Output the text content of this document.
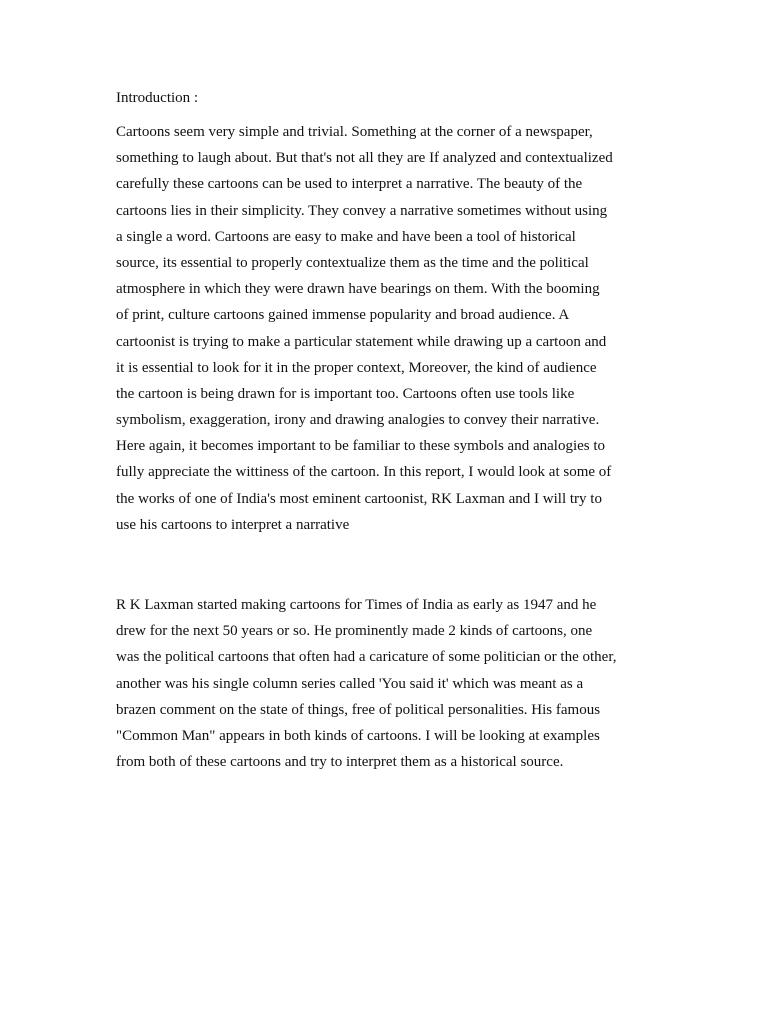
Introduction :
Cartoons seem very simple and trivial. Something at the corner of a newspaper,
something to laugh about. But that's not all they are If analyzed and contextualized
carefully these cartoons can be used to interpret a narrative. The beauty of the
cartoons lies in their simplicity. They convey a narrative sometimes without using
a single a word. Cartoons are easy to make and have been a tool of historical
source, its essential to properly contextualize them as the time and the political
atmosphere in which they were drawn have bearings on them. With the booming
of print, culture cartoons gained immense popularity and broad audience. A
cartoonist is trying to make a particular statement while drawing up a cartoon and
it is essential to look for it in the proper context, Moreover, the kind of audience
the cartoon is being drawn for is important too. Cartoons often use tools like
symbolism, exaggeration, irony and drawing analogies to convey their narrative.
Here again, it becomes important to be familiar to these symbols and analogies to
fully appreciate the wittiness of the cartoon. In this report, I would look at some of
the works of one of India's most eminent cartoonist, RK Laxman and I will try to
use his cartoons to interpret a narrative
R K Laxman started making cartoons for Times of India as early as 1947 and he
drew for the next 50 years or so. He prominently made 2 kinds of cartoons, one
was the political cartoons that often had a caricature of some politician or the other,
another was his single column series called 'You said it' which was meant as a
brazen comment on the state of things, free of political personalities. His famous
"Common Man" appears in both kinds of cartoons. I will be looking at examples
from both of these cartoons and try to interpret them as a historical source.
